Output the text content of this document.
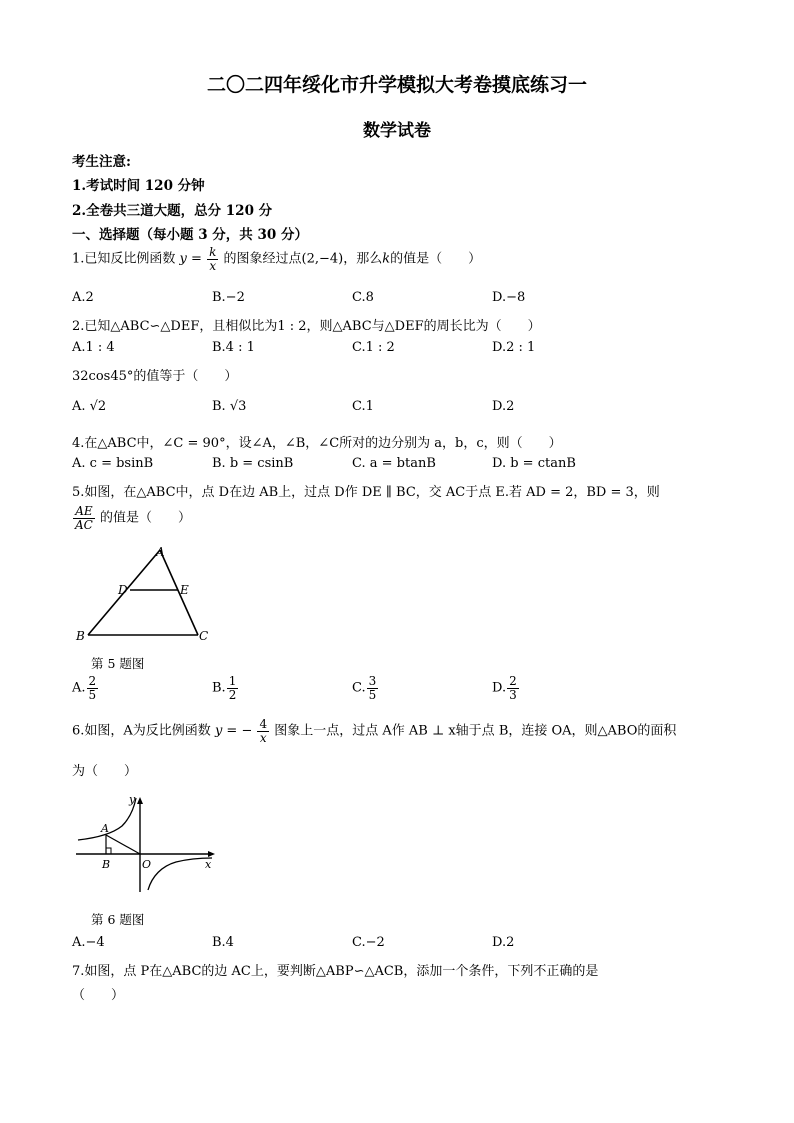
二〇二四年绥化市升学模拟大考卷摸底练习一
数学试卷
考生注意:
1.考试时间 120 分钟
2.全卷共三道大题，总分 120 分
一、选择题（每小题 3 分，共 30 分）
1.已知反比例函数 $y = \frac{k}{x}$ 的图象经过点(2,−4)，那么k的值是（　　）
A.2	B.−2	C.8	D.−8
2.已知△ABC∽△DEF，且相似比为1 : 2，则△ABC与△DEF的周长比为（　　）
A.1 : 4	B.4 : 1	C.1 : 2	D.2 : 1
32cos45°的值等于（　　）
A. √2	B. √3	C.1	D.2
4.在△ABC中，∠C = 90°，设∠A，∠B，∠C所对的边分别为 a，b，c，则（　　）
A. c = bsinB	B. b = csinB	C. a = btanB	D. b = ctanB
5.如图，在△ABC中，点 D在边 AB上，过点 D作 DE ∥ BC，交 AC于点 E.若 AD = 2，BD = 3，则
$\frac{AE}{AC}$ 的值是（　　）
A
D	E
B	C
第 5 题图
A. $\frac{2}{5}$	B. $\frac{1}{2}$	C. $\frac{3}{5}$	D. $\frac{2}{3}$
6.如图，A为反比例函数 y = − $\frac{4}{x}$ 图象上一点，过点 A作 AB ⊥ x轴于点 B，连接 OA，则△ABO的面积
为（　　）
y
x
A
B	O
第 6 题图
A.−4	B.4	C.−2	D.2
7.如图，点 P在△ABC的边 AC上，要判断△ABP∽△ACB，添加一个条件，下列不正确的是
（　　）
